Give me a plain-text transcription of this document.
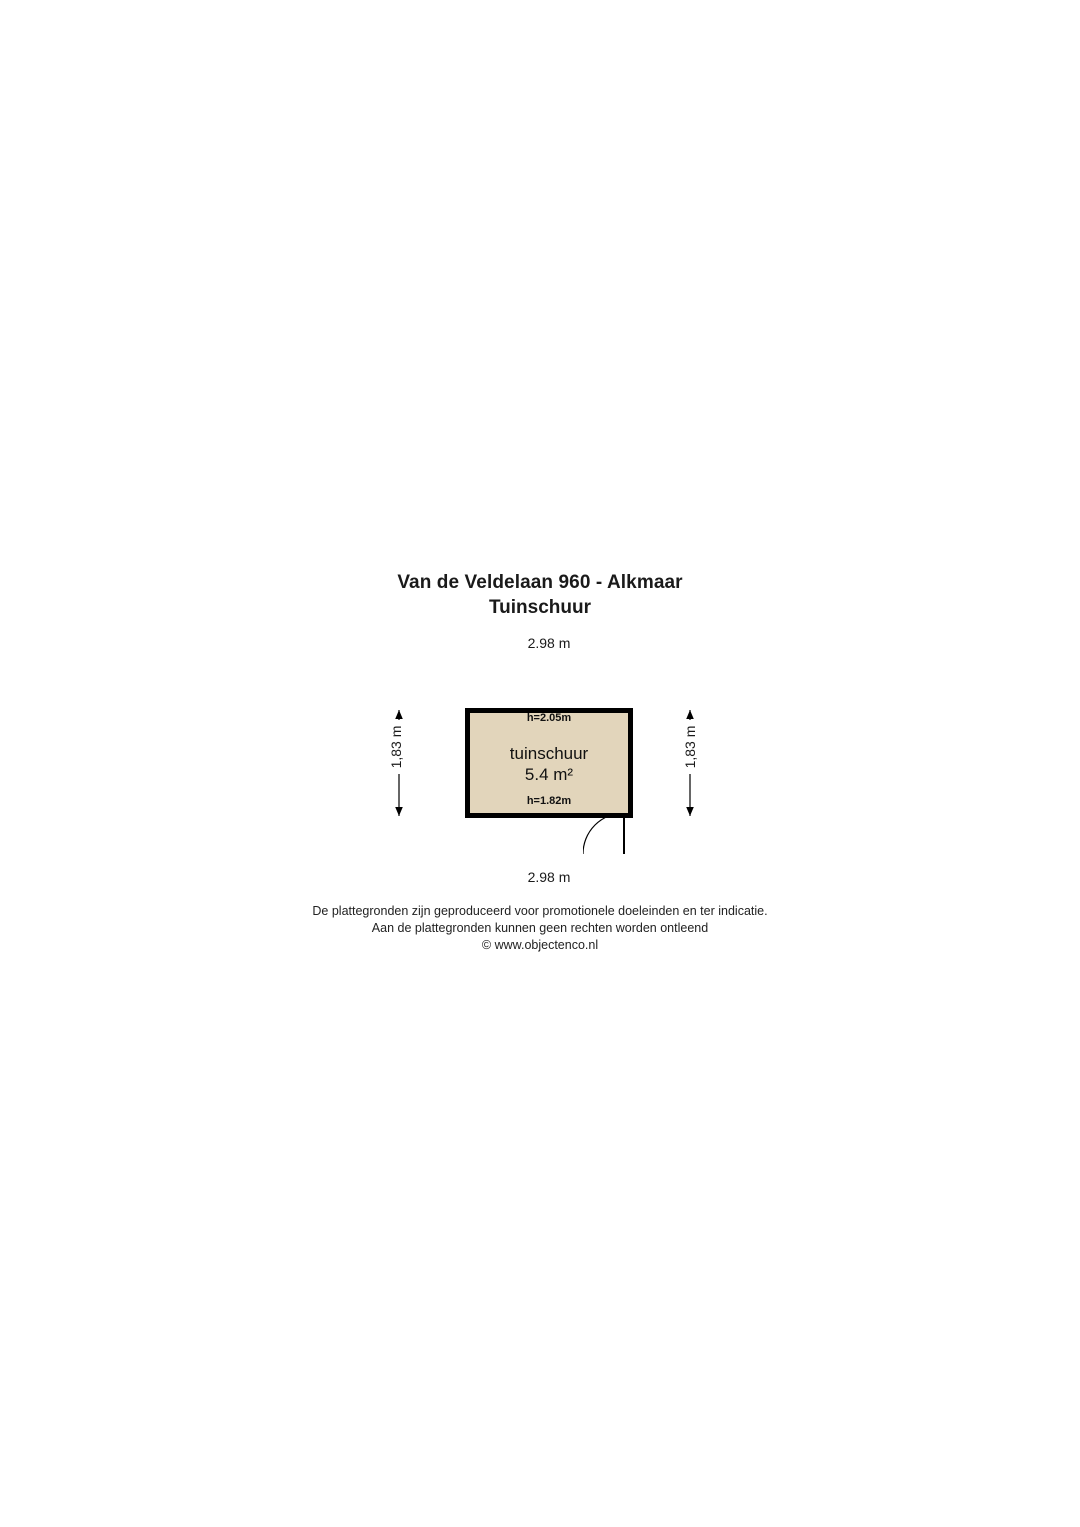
Van de Veldelaan 960 - Alkmaar
Tuinschuur
2.98 m
1,83 m	1,83 m
h=2.05m
tuinschuur
5.4 m²
h=1.82m
2.98 m
De plattegronden zijn geproduceerd voor promotionele doeleinden en ter indicatie.
Aan de plattegronden kunnen geen rechten worden ontleend
© www.objectenco.nl
